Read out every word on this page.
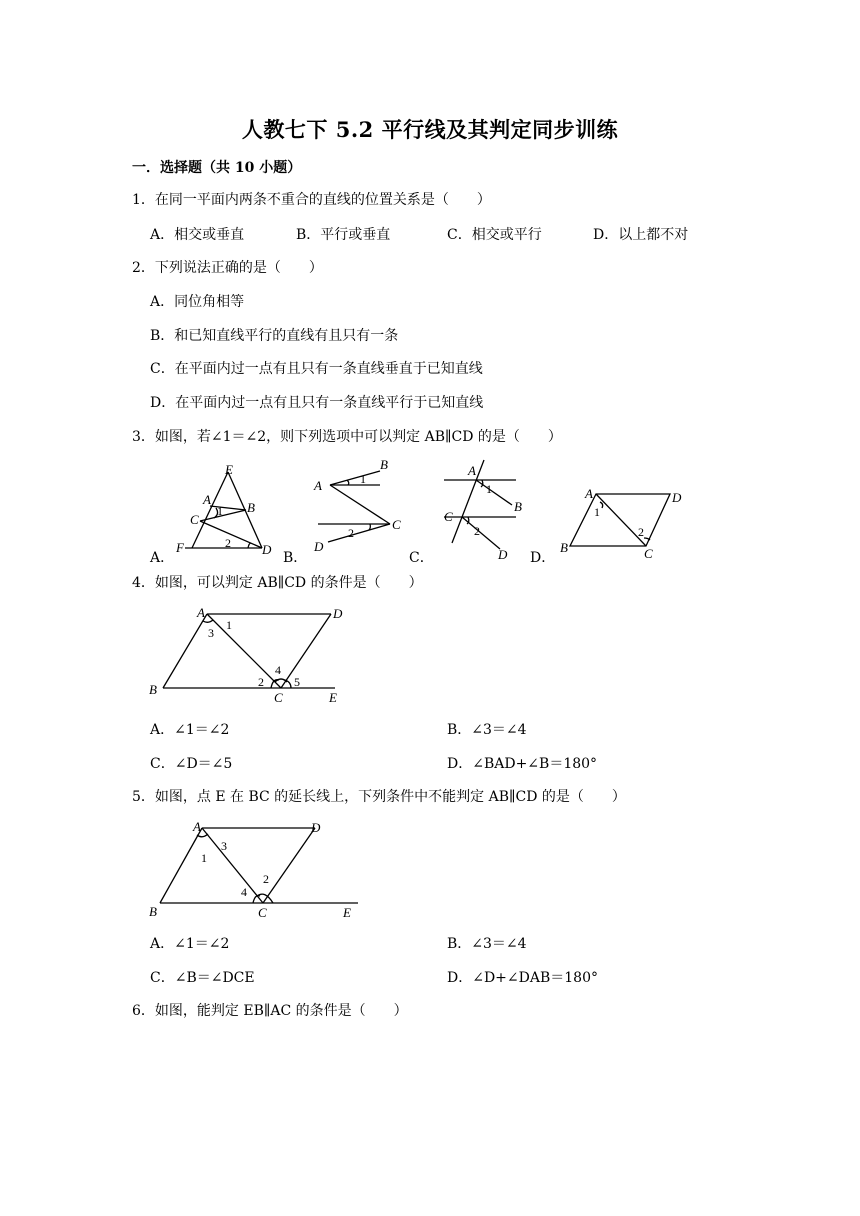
人教七下 5.2 平行线及其判定同步训练
一．选择题（共 10 小题）
1．在同一平面内两条不重合的直线的位置关系是（　　）
A．相交或垂直	B．平行或垂直	C．相交或平行	D．以上都不对
2．下列说法正确的是（　　）
A．同位角相等
B．和已知直线平行的直线有且只有一条
C．在平面内过一点有且只有一条直线垂直于已知直线
D．在平面内过一点有且只有一条直线平行于已知直线
3．如图，若∠1＝∠2，则下列选项中可以判定 AB∥CD 的是（　　）
A．	B．	C．	D．
E
A
B
C
F	D
1
2
B
A	1
C
D
2
A
1
B
C
2
D
A	D
1
2
B	C
4．如图，可以判定 AB∥CD 的条件是（　　）
A	D
3
1
4
2	5
B
C	E
A．∠1＝∠2	B．∠3＝∠4
C．∠D＝∠5	D．∠BAD+∠B＝180°
5．如图，点 E 在 BC 的延长线上，下列条件中不能判定 AB∥CD 的是（　　）
A	D
3
1
2
4
B	C	E
A．∠1＝∠2	B．∠3＝∠4
C．∠B＝∠DCE	D．∠D+∠DAB＝180°
6．如图，能判定 EB∥AC 的条件是（　　）
